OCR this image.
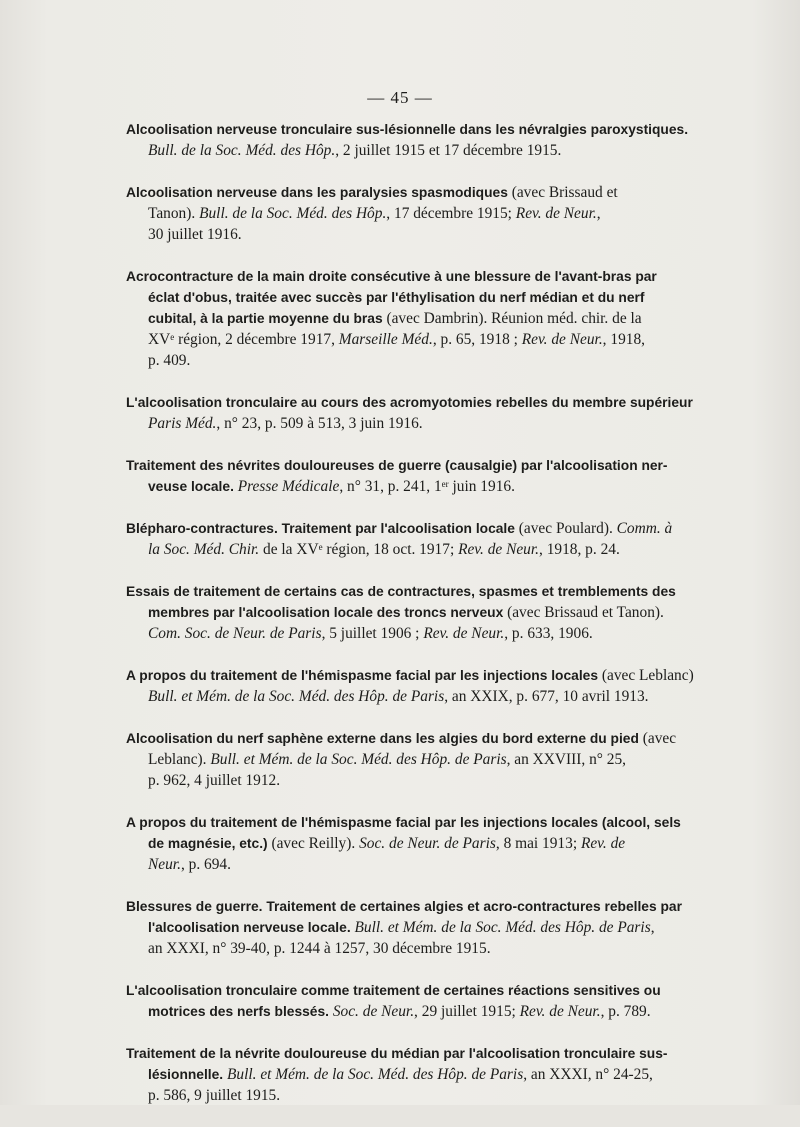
— 45 —
Alcoolisation nerveuse tronculaire sus-lésionnelle dans les névralgies paroxystiques.
Bull. de la Soc. Méd. des Hôp., 2 juillet 1915 et 17 décembre 1915.
Alcoolisation nerveuse dans les paralysies spasmodiques (avec Brissaud et
Tanon). Bull. de la Soc. Méd. des Hôp., 17 décembre 1915; Rev. de Neur.,
30 juillet 1916.
Acrocontracture de la main droite consécutive à une blessure de l'avant-bras par
éclat d'obus, traitée avec succès par l'éthylisation du nerf médian et du nerf
cubital, à la partie moyenne du bras (avec Dambrin). Réunion méd. chir. de la
XVe région, 2 décembre 1917, Marseille Méd., p. 65, 1918 ; Rev. de Neur., 1918,
p. 409.
L'alcoolisation tronculaire au cours des acromyotomies rebelles du membre supérieur
Paris Méd., n° 23, p. 509 à 513, 3 juin 1916.
Traitement des névrites douloureuses de guerre (causalgie) par l'alcoolisation ner-
veuse locale. Presse Médicale, n° 31, p. 241, 1er juin 1916.
Blépharo-contractures. Traitement par l'alcoolisation locale (avec Poulard). Comm. à
la Soc. Méd. Chir. de la XVe région, 18 oct. 1917; Rev. de Neur., 1918, p. 24.
Essais de traitement de certains cas de contractures, spasmes et tremblements des
membres par l'alcoolisation locale des troncs nerveux (avec Brissaud et Tanon).
Com. Soc. de Neur. de Paris, 5 juillet 1906 ; Rev. de Neur., p. 633, 1906.
A propos du traitement de l'hémispasme facial par les injections locales (avec Leblanc)
Bull. et Mém. de la Soc. Méd. des Hôp. de Paris, an XXIX, p. 677, 10 avril 1913.
Alcoolisation du nerf saphène externe dans les algies du bord externe du pied (avec
Leblanc). Bull. et Mém. de la Soc. Méd. des Hôp. de Paris, an XXVIII, n° 25,
p. 962, 4 juillet 1912.
A propos du traitement de l'hémispasme facial par les injections locales (alcool, sels
de magnésie, etc.) (avec Reilly). Soc. de Neur. de Paris, 8 mai 1913; Rev. de
Neur., p. 694.
Blessures de guerre. Traitement de certaines algies et acro-contractures rebelles par
l'alcoolisation nerveuse locale. Bull. et Mém. de la Soc. Méd. des Hôp. de Paris,
an XXXI, n° 39-40, p. 1244 à 1257, 30 décembre 1915.
L'alcoolisation tronculaire comme traitement de certaines réactions sensitives ou
motrices des nerfs blessés. Soc. de Neur., 29 juillet 1915; Rev. de Neur., p. 789.
Traitement de la névrite douloureuse du médian par l'alcoolisation tronculaire sus-
lésionnelle. Bull. et Mém. de la Soc. Méd. des Hôp. de Paris, an XXXI, n° 24-25,
p. 586, 9 juillet 1915.
